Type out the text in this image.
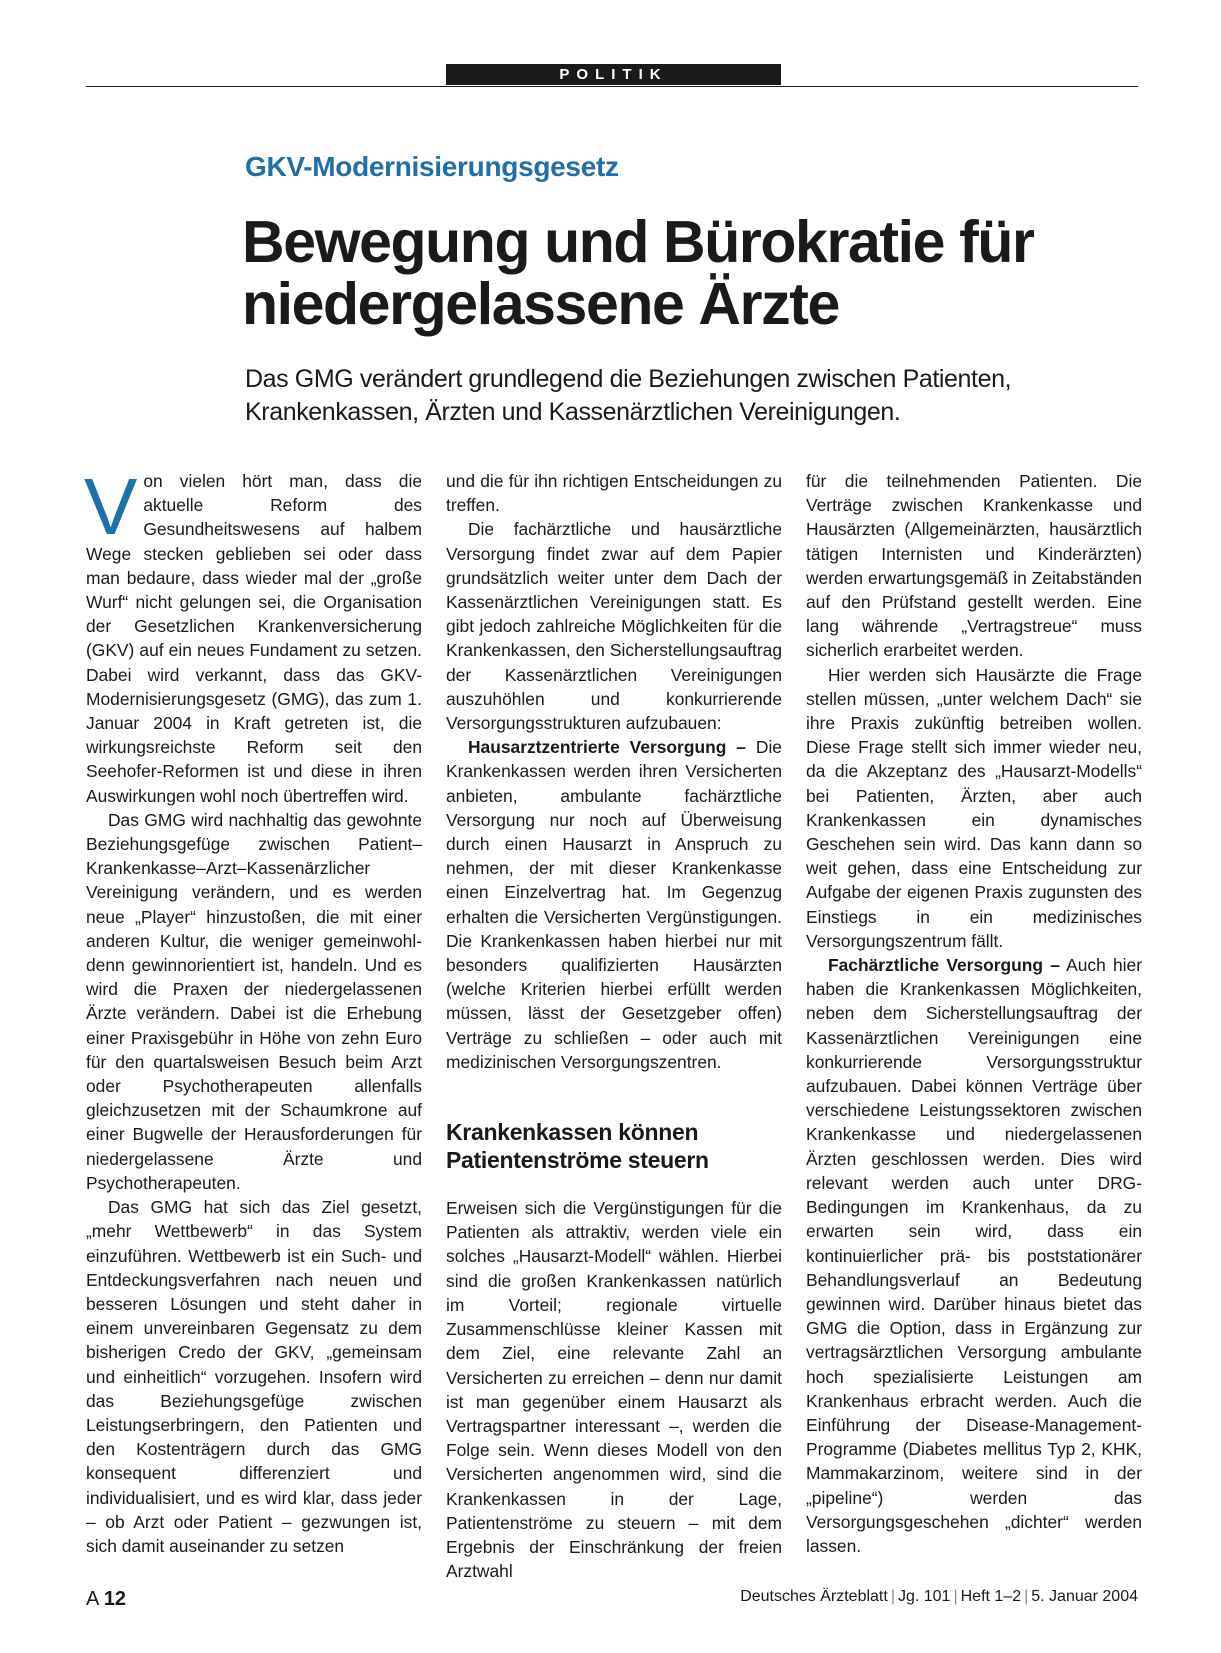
POLITIK
GKV-Modernisierungsgesetz
Bewegung und Bürokratie für
niedergelassene Ärzte

Das GMG verändert grundlegend die Beziehungen zwischen Patienten,
Krankenkassen, Ärzten und Kassenärztlichen Vereinigungen.

Von vielen hört man, dass die aktuelle Reform des Gesundheitswesens auf halbem Wege stecken geblieben sei oder dass man bedaure, dass wieder mal der „große Wurf“ nicht gelungen sei, die Organisation der Gesetzlichen Krankenversicherung (GKV) auf ein neues Fundament zu setzen. Dabei wird verkannt, dass das GKV-Modernisierungsgesetz (GMG), das zum 1. Januar 2004 in Kraft getreten ist, die wirkungsreichste Reform seit den Seehofer-Reformen ist und diese in ihren Auswirkungen wohl noch übertreffen wird.

Das GMG wird nachhaltig das gewohnte Beziehungsgefüge zwischen Patient–Krankenkasse–Arzt–Kassenärzlicher Vereinigung verändern, und es werden neue „Player“ hinzustoßen, die mit einer anderen Kultur, die weniger gemeinwohl- denn gewinnorientiert ist, handeln. Und es wird die Praxen der niedergelassenen Ärzte verändern. Dabei ist die Erhebung einer Praxisgebühr in Höhe von zehn Euro für den quartalsweisen Besuch beim Arzt oder Psychotherapeuten allenfalls gleichzusetzen mit der Schaumkrone auf einer Bugwelle der Herausforderungen für niedergelassene Ärzte und Psychotherapeuten.

Das GMG hat sich das Ziel gesetzt, „mehr Wettbewerb“ in das System einzuführen. Wettbewerb ist ein Such- und Entdeckungsverfahren nach neuen und besseren Lösungen und steht daher in einem unvereinbaren Gegensatz zu dem bisherigen Credo der GKV, „gemeinsam und einheitlich“ vorzugehen. Insofern wird das Beziehungsgefüge zwischen Leistungserbringern, den Patienten und den Kostenträgern durch das GMG konsequent differenziert und individualisiert, und es wird klar, dass jeder – ob Arzt oder Patient – gezwungen ist, sich damit auseinander zu setzen

und die für ihn richtigen Entscheidungen zu treffen.

Die fachärztliche und hausärztliche Versorgung findet zwar auf dem Papier grundsätzlich weiter unter dem Dach der Kassenärztlichen Vereinigungen statt. Es gibt jedoch zahlreiche Möglichkeiten für die Krankenkassen, den Sicherstellungsauftrag der Kassenärztlichen Vereinigungen auszuhöhlen und konkurrierende Versorgungsstrukturen aufzubauen:

Hausarztzentrierte Versorgung – Die Krankenkassen werden ihren Versicherten anbieten, ambulante fachärztliche Versorgung nur noch auf Überweisung durch einen Hausarzt in Anspruch zu nehmen, der mit dieser Krankenkasse einen Einzelvertrag hat. Im Gegenzug erhalten die Versicherten Vergünstigungen. Die Krankenkassen haben hierbei nur mit besonders qualifizierten Hausärzten (welche Kriterien hierbei erfüllt werden müssen, lässt der Gesetzgeber offen) Verträge zu schließen – oder auch mit medizinischen Versorgungszentren.

Krankenkassen können
Patientenströme steuern

Erweisen sich die Vergünstigungen für die Patienten als attraktiv, werden viele ein solches „Hausarzt-Modell“ wählen. Hierbei sind die großen Krankenkassen natürlich im Vorteil; regionale virtuelle Zusammenschlüsse kleiner Kassen mit dem Ziel, eine relevante Zahl an Versicherten zu erreichen – denn nur damit ist man gegenüber einem Hausarzt als Vertragspartner interessant –, werden die Folge sein. Wenn dieses Modell von den Versicherten angenommen wird, sind die Krankenkassen in der Lage, Patientenströme zu steuern – mit dem Ergebnis der Einschränkung der freien Arztwahl

für die teilnehmenden Patienten. Die Verträge zwischen Krankenkasse und Hausärzten (Allgemeinärzten, hausärztlich tätigen Internisten und Kinderärzten) werden erwartungsgemäß in Zeitabständen auf den Prüfstand gestellt werden. Eine lang währende „Vertragstreue“ muss sicherlich erarbeitet werden.

Hier werden sich Hausärzte die Frage stellen müssen, „unter welchem Dach“ sie ihre Praxis zukünftig betreiben wollen. Diese Frage stellt sich immer wieder neu, da die Akzeptanz des „Hausarzt-Modells“ bei Patienten, Ärzten, aber auch Krankenkassen ein dynamisches Geschehen sein wird. Das kann dann so weit gehen, dass eine Entscheidung zur Aufgabe der eigenen Praxis zugunsten des Einstiegs in ein medizinisches Versorgungszentrum fällt.

Fachärztliche Versorgung – Auch hier haben die Krankenkassen Möglichkeiten, neben dem Sicherstellungsauftrag der Kassenärztlichen Vereinigungen eine konkurrierende Versorgungsstruktur aufzubauen. Dabei können Verträge über verschiedene Leistungssektoren zwischen Krankenkasse und niedergelassenen Ärzten geschlossen werden. Dies wird relevant werden auch unter DRG-Bedingungen im Krankenhaus, da zu erwarten sein wird, dass ein kontinuierlicher prä- bis poststationärer Behandlungsverlauf an Bedeutung gewinnen wird. Darüber hinaus bietet das GMG die Option, dass in Ergänzung zur vertragsärztlichen Versorgung ambulante hoch spezialisierte Leistungen am Krankenhaus erbracht werden. Auch die Einführung der Disease-Management-Programme (Diabetes mellitus Typ 2, KHK, Mammakarzinom, weitere sind in der „pipeline“) werden das Versorgungsgeschehen „dichter“ werden lassen.

A 12	Deutsches Ärzteblatt | Jg. 101 | Heft 1–2 | 5. Januar 2004
